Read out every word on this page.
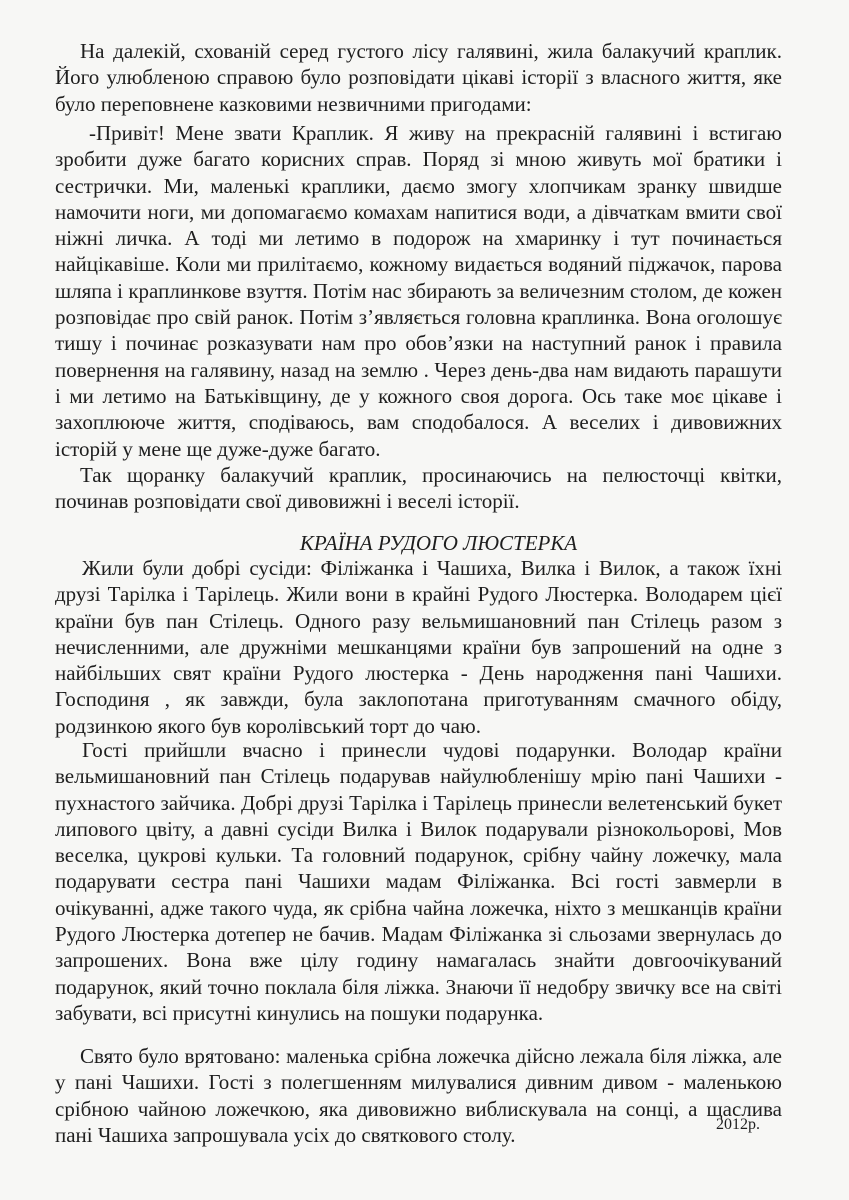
На далекій, схованій серед густого лісу галявині, жила балакучий краплик. Його улюбленою справою було розповідати цікаві історії з власного життя, яке було переповнене казковими незвичними пригодами:

-Привіт! Мене звати Краплик. Я живу на прекрасній галявині і встигаю зробити дуже багато корисних справ. Поряд зі мною живуть мої братики і сестрички. Ми, маленькі краплики, даємо змогу хлопчикам зранку швидше намочити ноги, ми допомагаємо комахам напитися води, а дівчаткам вмити свої ніжні личка. А тоді ми летимо в подорож на хмаринку і тут починається найцікавіше. Коли ми прилітаємо, кожному видається водяний піджачок, парова шляпа і краплинкове взуття. Потім нас збирають за величезним столом, де кожен розповідає про свій ранок. Потім з’являється головна краплинка. Вона оголошує тишу і починає розказувати нам про обов’язки на наступний ранок і правила повернення на галявину, назад на землю . Через день-два нам видають парашути і ми летимо на Батьківщину, де у кожного своя дорога. Ось таке моє цікаве і захоплююче життя, сподіваюсь, вам сподобалося. А веселих і дивовижних історій у мене ще дуже-дуже багато.

Так щоранку балакучий краплик, просинаючись на пелюсточці квітки, починав розповідати свої дивовижні і веселі історії.

КРАЇНА РУДОГО ЛЮСТЕРКА

Жили були добрі сусіди: Філіжанка і Чашиха, Вилка і Вилок, а також їхні друзі Тарілка і Тарілець. Жили вони в крайні Рудого Люстерка. Володарем цієї країни був пан Стілець. Одного разу вельмишановний пан Стілець разом з нечисленними, але дружніми мешканцями країни був запрошений на одне з найбільших свят країни Рудого люстерка - День народження пані Чашихи. Господиня , як завжди, була заклопотана приготуванням смачного обіду, родзинкою якого був королівський торт до чаю.

Гості прийшли вчасно і принесли чудові подарунки. Володар країни вельмишановний пан Стілець подарував найулюбленішу мрію пані Чашихи - пухнастого зайчика. Добрі друзі Тарілка і Тарілець принесли велетенський букет липового цвіту, а давні сусіди Вилка і Вилок подарували різнокольорові, Мов веселка, цукрові кульки. Та головний подарунок, срібну чайну ложечку, мала подарувати сестра пані Чашихи мадам Філіжанка. Всі гості завмерли в очікуванні, адже такого чуда, як срібна чайна ложечка, ніхто з мешканців країни Рудого Люстерка дотепер не бачив. Мадам Філіжанка зі сльозами звернулась до запрошених. Вона вже цілу годину намагалась знайти довгоочікуваний подарунок, який точно поклала біля ліжка. Знаючи її недобру звичку все на світі забувати, всі присутні кинулись на пошуки подарунка.

Свято було врятовано: маленька срібна ложечка дійсно лежала біля ліжка, але у пані Чашихи. Гості з полегшенням милувалися дивним дивом - маленькою срібною чайною ложечкою, яка дивовижно виблискувала на сонці, а щаслива пані Чашиха запрошувала усіх до святкового столу.	2012р.
